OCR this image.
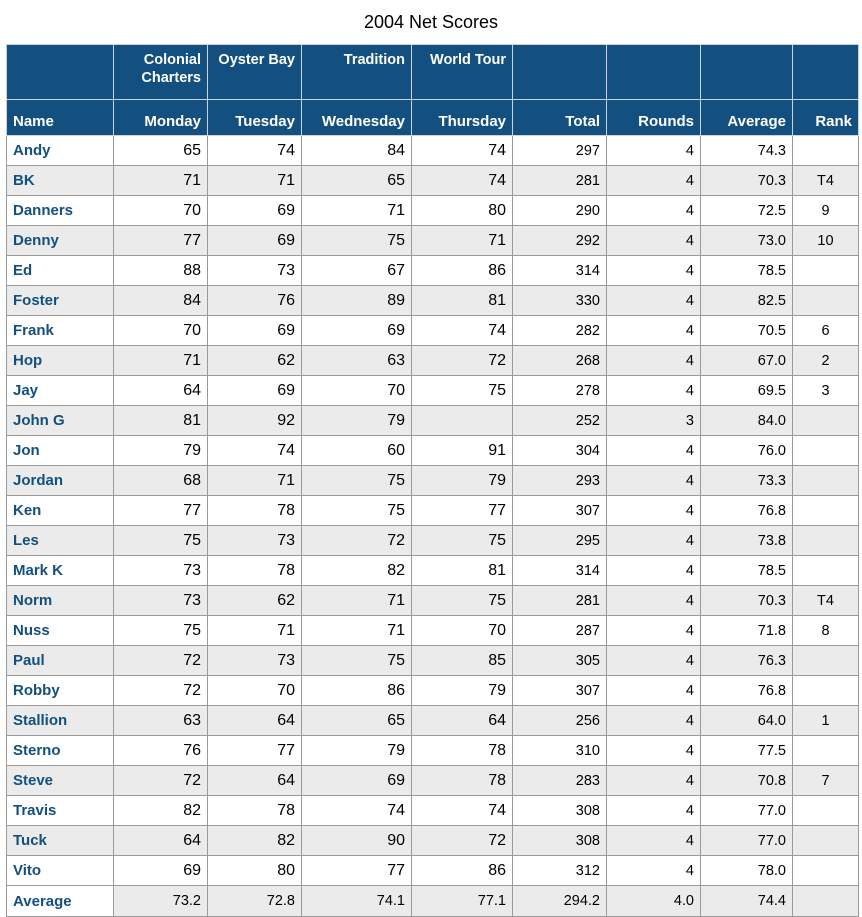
2004 Net Scores
	Colonial Charters	Oyster Bay	Tradition	World Tour				
Name	Monday	Tuesday	Wednesday	Thursday	Total	Rounds	Average	Rank
Andy	65	74	84	74	297	4	74.3	
BK	71	71	65	74	281	4	70.3	T4
Danners	70	69	71	80	290	4	72.5	9
Denny	77	69	75	71	292	4	73.0	10
Ed	88	73	67	86	314	4	78.5	
Foster	84	76	89	81	330	4	82.5	
Frank	70	69	69	74	282	4	70.5	6
Hop	71	62	63	72	268	4	67.0	2
Jay	64	69	70	75	278	4	69.5	3
John G	81	92	79		252	3	84.0	
Jon	79	74	60	91	304	4	76.0	
Jordan	68	71	75	79	293	4	73.3	
Ken	77	78	75	77	307	4	76.8	
Les	75	73	72	75	295	4	73.8	
Mark K	73	78	82	81	314	4	78.5	
Norm	73	62	71	75	281	4	70.3	T4
Nuss	75	71	71	70	287	4	71.8	8
Paul	72	73	75	85	305	4	76.3	
Robby	72	70	86	79	307	4	76.8	
Stallion	63	64	65	64	256	4	64.0	1
Sterno	76	77	79	78	310	4	77.5	
Steve	72	64	69	78	283	4	70.8	7
Travis	82	78	74	74	308	4	77.0	
Tuck	64	82	90	72	308	4	77.0	
Vito	69	80	77	86	312	4	78.0	
Average	73.2	72.8	74.1	77.1	294.2	4.0	74.4	
